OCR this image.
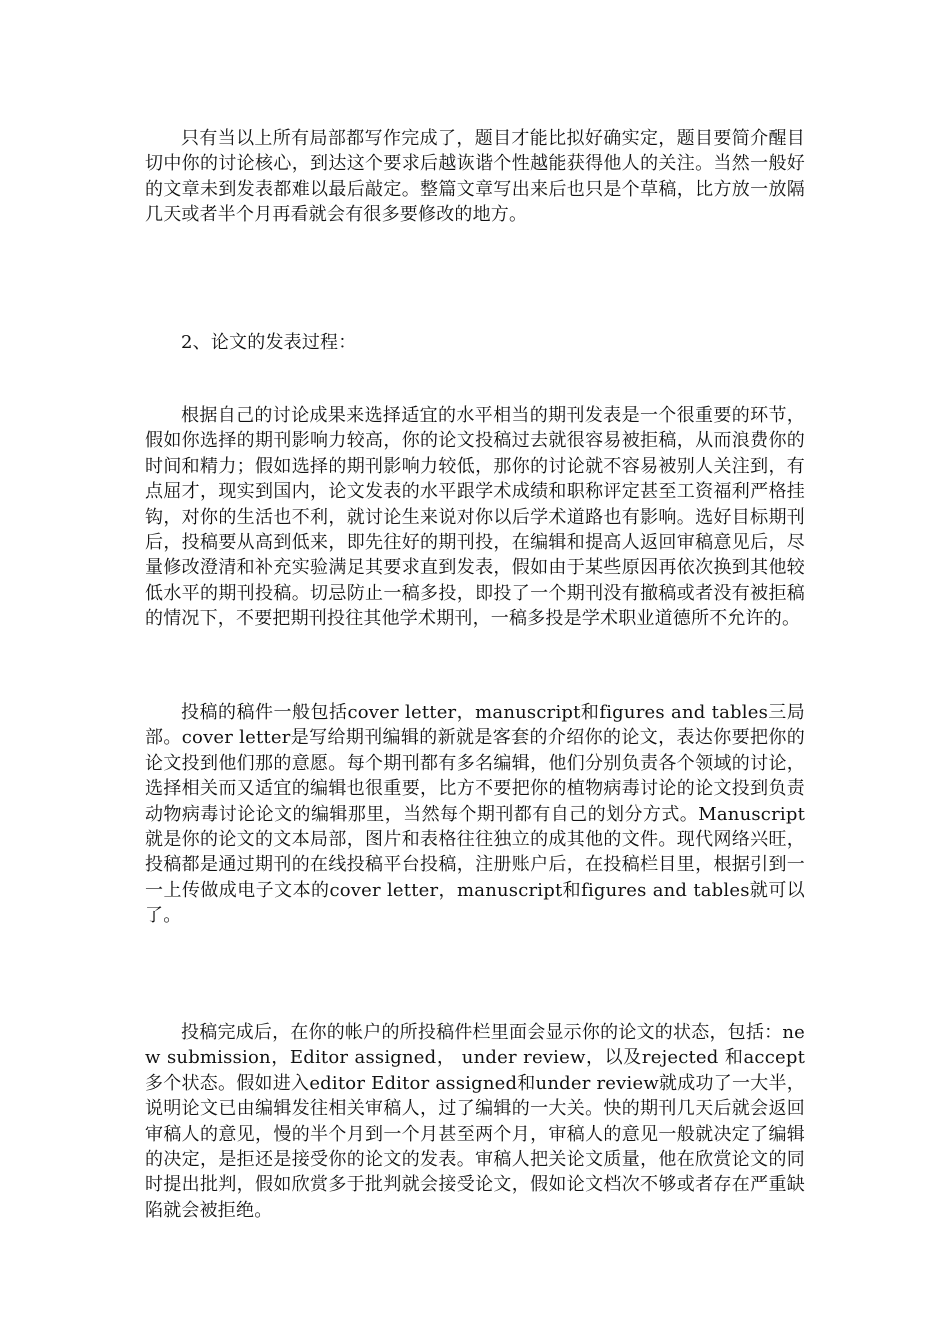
只有当以上所有局部都写作完成了，题目才能比拟好确实定，题目要简介醒目切中你的讨论核心，到达这个要求后越诙谐个性越能获得他人的关注。当然一般好的文章未到发表都难以最后敲定。整篇文章写出来后也只是个草稿，比方放一放隔几天或者半个月再看就会有很多要修改的地方。

2、论文的发表过程：

根据自己的讨论成果来选择适宜的水平相当的期刊发表是一个很重要的环节，假如你选择的期刊影响力较高，你的论文投稿过去就很容易被拒稿，从而浪费你的时间和精力；假如选择的期刊影响力较低，那你的讨论就不容易被别人关注到，有点屈才，现实到国内，论文发表的水平跟学术成绩和职称评定甚至工资福利严格挂钩，对你的生活也不利，就讨论生来说对你以后学术道路也有影响。选好目标期刊后，投稿要从高到低来，即先往好的期刊投，在编辑和提高人返回审稿意见后，尽量修改澄清和补充实验满足其要求直到发表，假如由于某些原因再依次换到其他较低水平的期刊投稿。切忌防止一稿多投，即投了一个期刊没有撤稿或者没有被拒稿的情况下，不要把期刊投往其他学术期刊，一稿多投是学术职业道德所不允许的。

投稿的稿件一般包括cover letter，manuscript和figures and tables三局部。cover letter是写给期刊编辑的新就是客套的介绍你的论文，表达你要把你的论文投到他们那的意愿。每个期刊都有多名编辑，他们分别负责各个领域的讨论，选择相关而又适宜的编辑也很重要，比方不要把你的植物病毒讨论的论文投到负责动物病毒讨论论文的编辑那里，当然每个期刊都有自己的划分方式。Manuscript就是你的论文的文本局部，图片和表格往往独立的成其他的文件。现代网络兴旺，投稿都是通过期刊的在线投稿平台投稿，注册账户后，在投稿栏目里，根据引到一一上传做成电子文本的cover letter，manuscript和figures and tables就可以了。

投稿完成后，在你的帐户的所投稿件栏里面会显示你的论文的状态，包括：new submission，Editor assigned， under review，以及rejected 和accept 多个状态。假如进入editor Editor assigned和under review就成功了一大半，说明论文已由编辑发往相关审稿人，过了编辑的一大关。快的期刊几天后就会返回审稿人的意见，慢的半个月到一个月甚至两个月，审稿人的意见一般就决定了编辑的决定，是拒还是接受你的论文的发表。审稿人把关论文质量，他在欣赏论文的同时提出批判，假如欣赏多于批判就会接受论文，假如论文档次不够或者存在严重缺陷就会被拒绝。
